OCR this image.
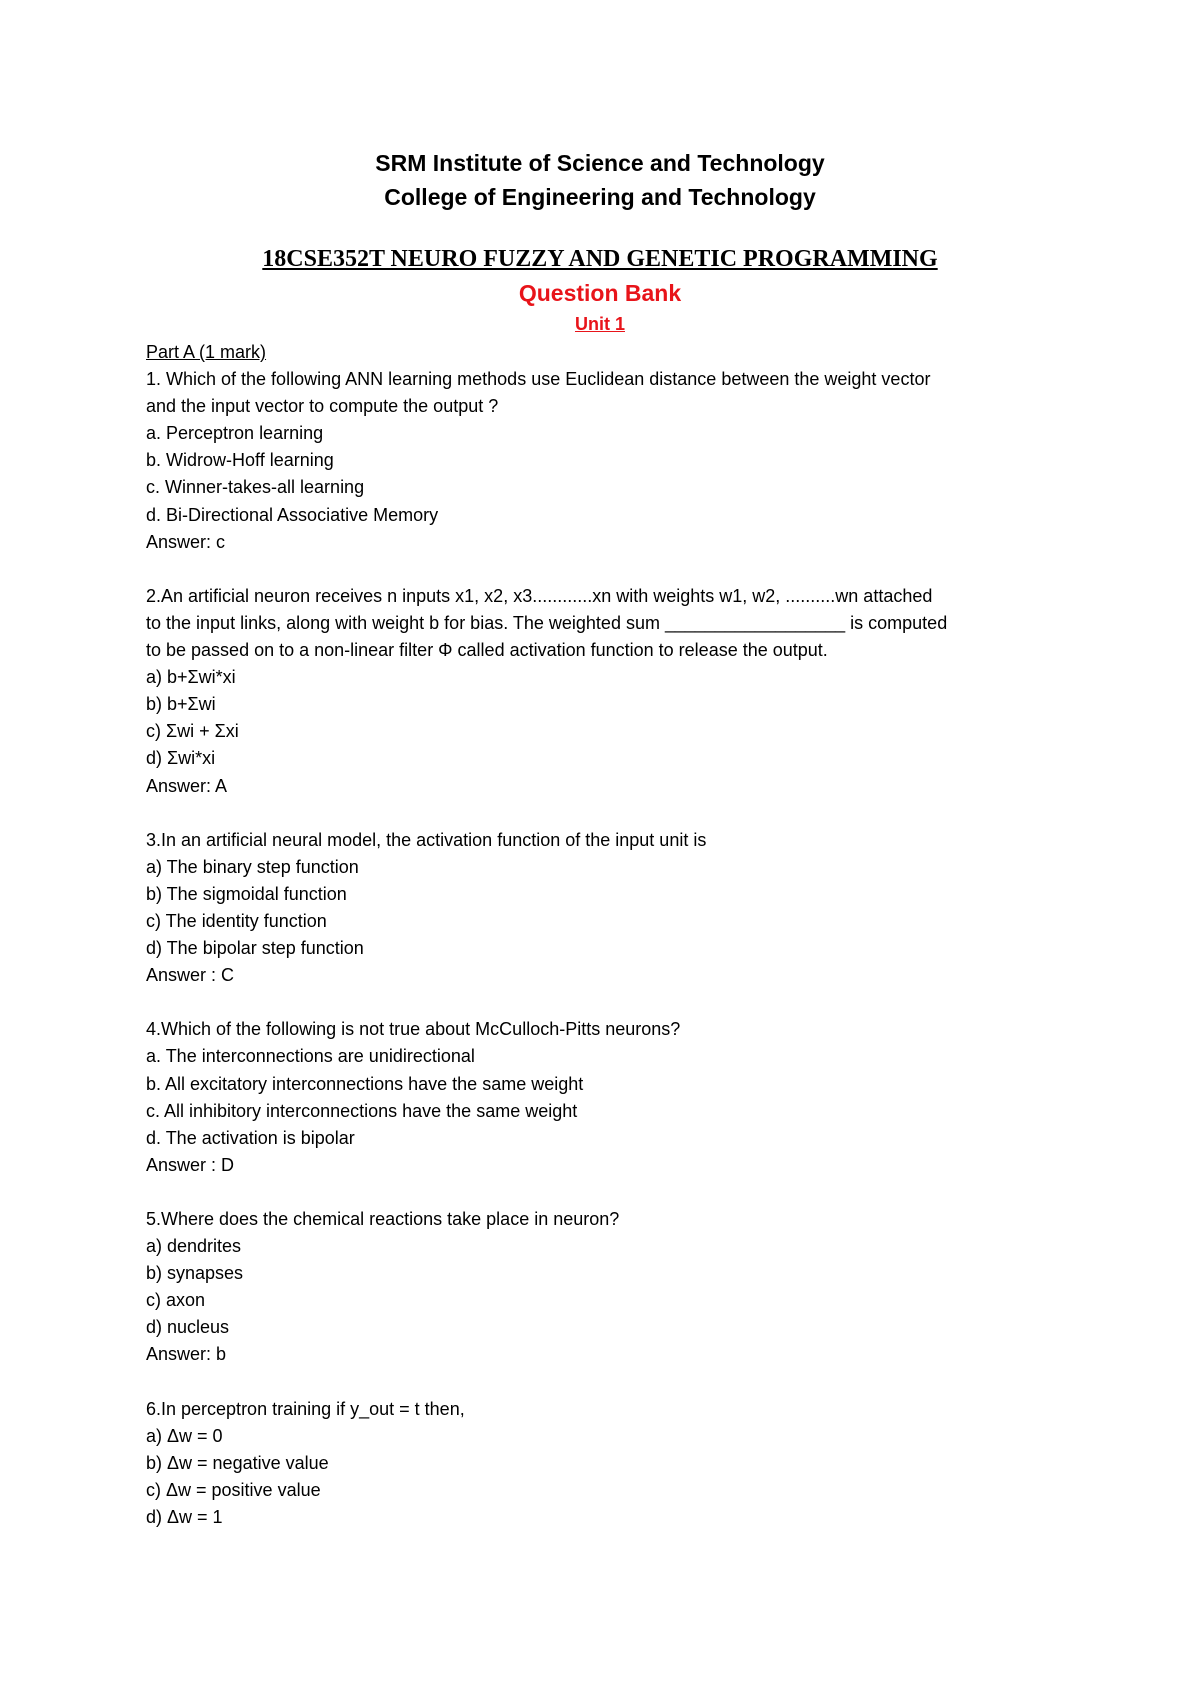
SRM Institute of Science and Technology
College of Engineering and Technology
18CSE352T NEURO FUZZY AND GENETIC PROGRAMMING
Question Bank
Unit 1
Part A (1 mark)
1. Which of the following ANN learning methods use Euclidean distance between the weight vector
and the input vector to compute the output ?
a. Perceptron learning
b. Widrow-Hoff learning
c. Winner-takes-all learning
d. Bi-Directional Associative Memory
Answer: c
2.An artificial neuron receives n inputs x1, x2, x3............xn with weights w1, w2, ..........wn attached
to the input links, along with weight b for bias. The weighted sum __________________ is computed
to be passed on to a non-linear filter Φ called activation function to release the output.
a) b+Σwi*xi
b) b+Σwi
c) Σwi + Σxi
d) Σwi*xi
Answer: A
3.In an artificial neural model, the activation function of the input unit is
a) The binary step function
b) The sigmoidal function
c) The identity function
d) The bipolar step function
Answer : C
4.Which of the following is not true about McCulloch-Pitts neurons?
a. The interconnections are unidirectional
b. All excitatory interconnections have the same weight
c. All inhibitory interconnections have the same weight
d. The activation is bipolar
Answer : D
5.Where does the chemical reactions take place in neuron?
a) dendrites
b) synapses
c) axon
d) nucleus
Answer: b
6.In perceptron training if y_out = t then,
a) Δw = 0
b) Δw = negative value
c) Δw = positive value
d) Δw = 1
